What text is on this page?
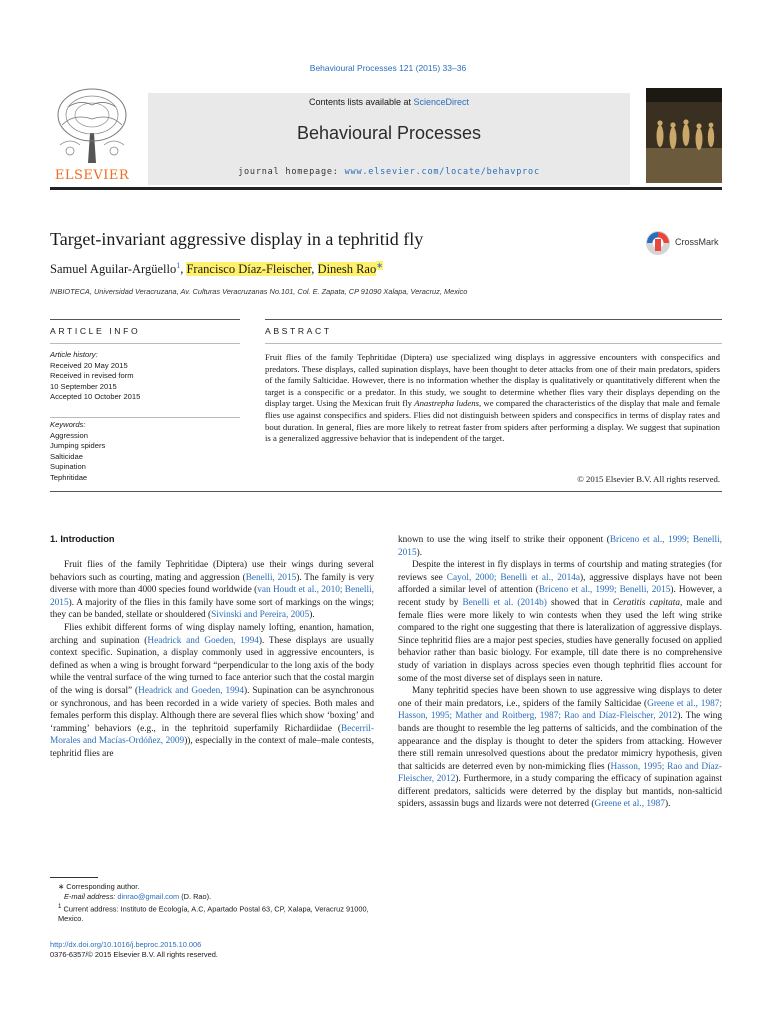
Behavioural Processes 121 (2015) 33–36
ELSEVIER
Contents lists available at ScienceDirect
Behavioural Processes
journal homepage: www.elsevier.com/locate/behavproc
Target-invariant aggressive display in a tephritid fly	CrossMark
Samuel Aguilar-Argüello$^1$, Francisco Díaz-Fleischer, Dinesh Rao∗
INBIOTECA, Universidad Veracruzana, Av. Culturas Veracruzanas No.101, Col. E. Zapata, CP 91090 Xalapa, Veracruz, Mexico
ARTICLE INFO	ABSTRACT
Article history:
Received 20 May 2015
Received in revised form
10 September 2015
Accepted 10 October 2015
Keywords:
Aggression
Jumping spiders
Salticidae
Supination
Tephritidae
Fruit flies of the family Tephritidae (Diptera) use specialized wing displays in aggressive encounters with conspecifics and predators. These displays, called supination displays, have been thought to deter attacks from one of their main predators, spiders of the family Salticidae. However, there is no information whether the display is qualitatively or quantitatively different when the target is a conspecific or a predator. In this study, we sought to determine whether flies vary their displays depending on the display target. Using the Mexican fruit fly Anastrepha ludens, we compared the characteristics of the display that male and female flies use against conspecifics and spiders. Flies did not distinguish between spiders and conspecifics in terms of display rates and bout duration. In general, flies are more likely to retreat faster from spiders after performing a display. We suggest that supination is a generalized aggressive behavior that is independent of the target.
© 2015 Elsevier B.V. All rights reserved.
1. Introduction

Fruit flies of the family Tephritidae (Diptera) use their wings during several behaviors such as courting, mating and aggression (Benelli, 2015). The family is very diverse with more than 4000 species found worldwide (van Houdt et al., 2010; Benelli, 2015). A majority of the flies in this family have some sort of markings on the wings; they can be banded, stellate or shouldered (Sivinski and Pereira, 2005).

Flies exhibit different forms of wing display namely lofting, enantion, hamation, arching and supination (Headrick and Goeden, 1994). These displays are usually context specific. Supination, a display commonly used in aggressive encounters, is defined as when a wing is brought forward “perpendicular to the long axis of the body while the ventral surface of the wing turned to face anterior such that the costal margin of the wing is dorsal” (Headrick and Goeden, 1994). Supination can be asynchronous or synchronous, and has been recorded in a wide variety of species. Both males and females perform this display. Although there are several flies which show ‘boxing’ and ‘ramming’ behaviors (e.g., in the tephritoid superfamily Richardiidae (Becerril-Morales and Macías-Ordóñez, 2009)), especially in the context of male–male contests, tephritid flies are

known to use the wing itself to strike their opponent (Briceno et al., 1999; Benelli, 2015).

Despite the interest in fly displays in terms of courtship and mating strategies (for reviews see Cayol, 2000; Benelli et al., 2014a), aggressive displays have not been afforded a similar level of attention (Briceno et al., 1999; Benelli, 2015). However, a recent study by Benelli et al. (2014b) showed that in Ceratitis capitata, male and female flies were more likely to win contests when they used the left wing strike compared to the right one suggesting that there is lateralization of aggressive displays. Since tephritid flies are a major pest species, studies have generally focused on applied behavior rather than basic biology. For example, till date there is no comprehensive study of variation in displays across species even though tephritid flies account for some of the most diverse set of displays seen in nature.

Many tephritid species have been shown to use aggressive wing displays to deter one of their main predators, i.e., spiders of the family Salticidae (Greene et al., 1987; Hasson, 1995; Mather and Roitberg, 1987; Rao and Díaz-Fleischer, 2012). The wing bands are thought to resemble the leg patterns of salticids, and the combination of the appearance and the display is thought to deter the spiders from attacking. However there still remain unresolved questions about the predator mimicry hypothesis, given that salticids are deterred even by non-mimicking flies (Hasson, 1995; Rao and Díaz-Fleischer, 2012). Furthermore, in a study comparing the efficacy of supination against different predators, salticids were deterred by the display but mantids, non-salticid spiders, assassin bugs and lizards were not deterred (Greene et al., 1987).

∗ Corresponding author.
E-mail address: dinrao@gmail.com (D. Rao).
$^1$ Current address: Instituto de Ecología, A.C, Apartado Postal 63, CP, Xalapa, Veracruz 91000, Mexico.
http://dx.doi.org/10.1016/j.beproc.2015.10.006
0376-6357/© 2015 Elsevier B.V. All rights reserved.
